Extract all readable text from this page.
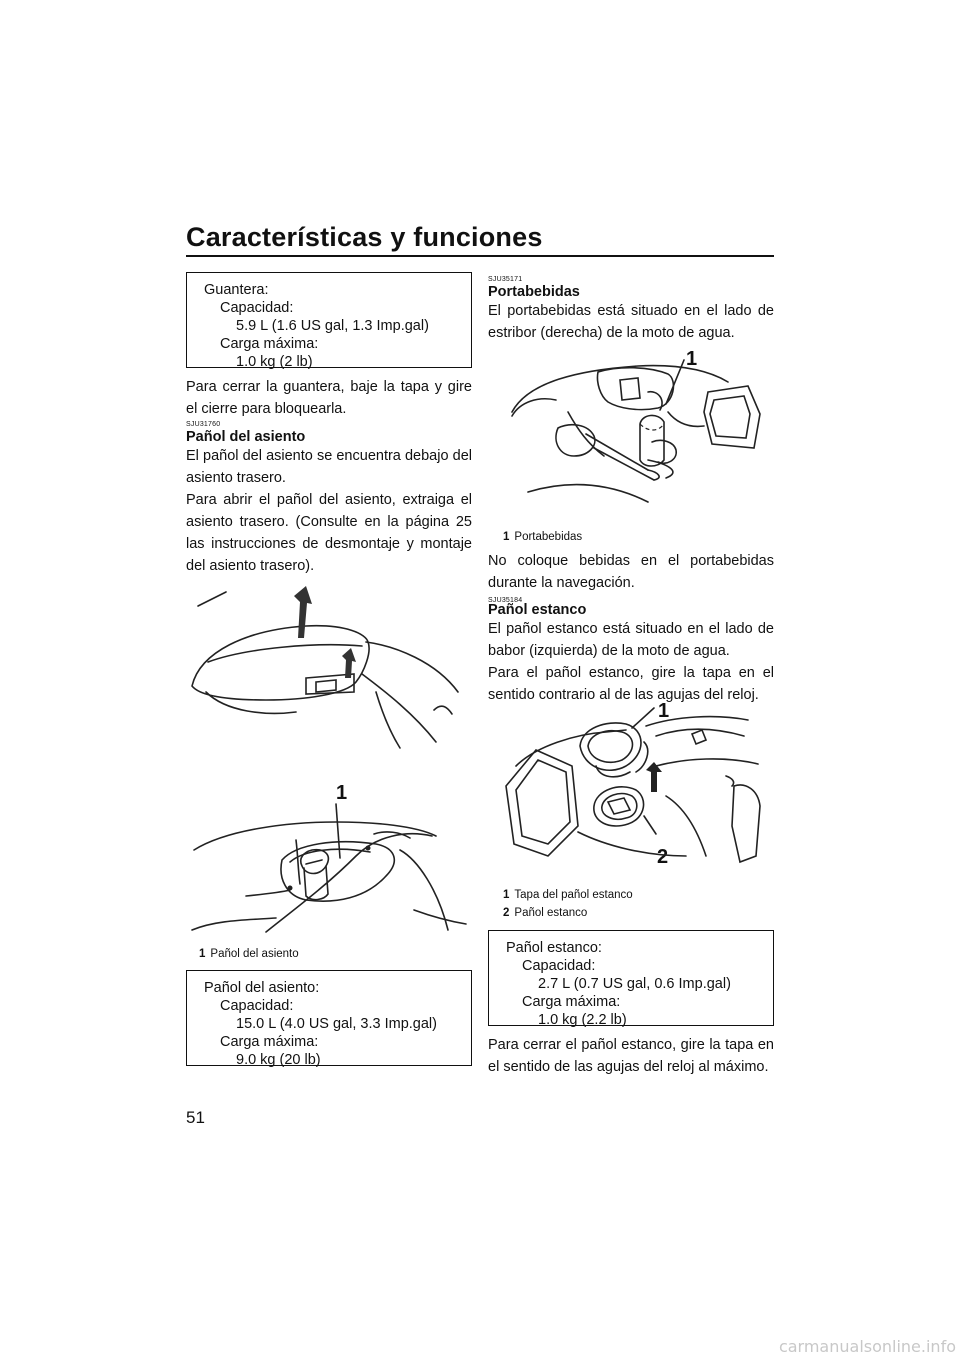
Características y funciones
Guantera:
Capacidad:
5.9 L (1.6 US gal, 1.3 Imp.gal)
Carga máxima:
1.0 kg (2 lb)
Para cerrar la guantera, baje la tapa y gire el cierre para bloquearla.
SJU31760
Pañol del asiento
El pañol del asiento se encuentra debajo del asiento trasero.
Para abrir el pañol del asiento, extraiga el asiento trasero. (Consulte en la página 25 las instrucciones de desmontaje y montaje del asiento trasero).
1
1 Pañol del asiento
Pañol del asiento:
Capacidad:
15.0 L (4.0 US gal, 3.3 Imp.gal)
Carga máxima:
9.0 kg (20 lb)
51
SJU35171
Portabebidas
El portabebidas está situado en el lado de estribor (derecha) de la moto de agua.
1
1 Portabebidas
No coloque bebidas en el portabebidas durante la navegación.
SJU35184
Pañol estanco
El pañol estanco está situado en el lado de babor (izquierda) de la moto de agua.
Para el pañol estanco, gire la tapa en el sentido contrario al de las agujas del reloj.
1
2
1 Tapa del pañol estanco
2 Pañol estanco
Pañol estanco:
Capacidad:
2.7 L (0.7 US gal, 0.6 Imp.gal)
Carga máxima:
1.0 kg (2.2 lb)
Para cerrar el pañol estanco, gire la tapa en el sentido de las agujas del reloj al máximo.
carmanualsonline.info
